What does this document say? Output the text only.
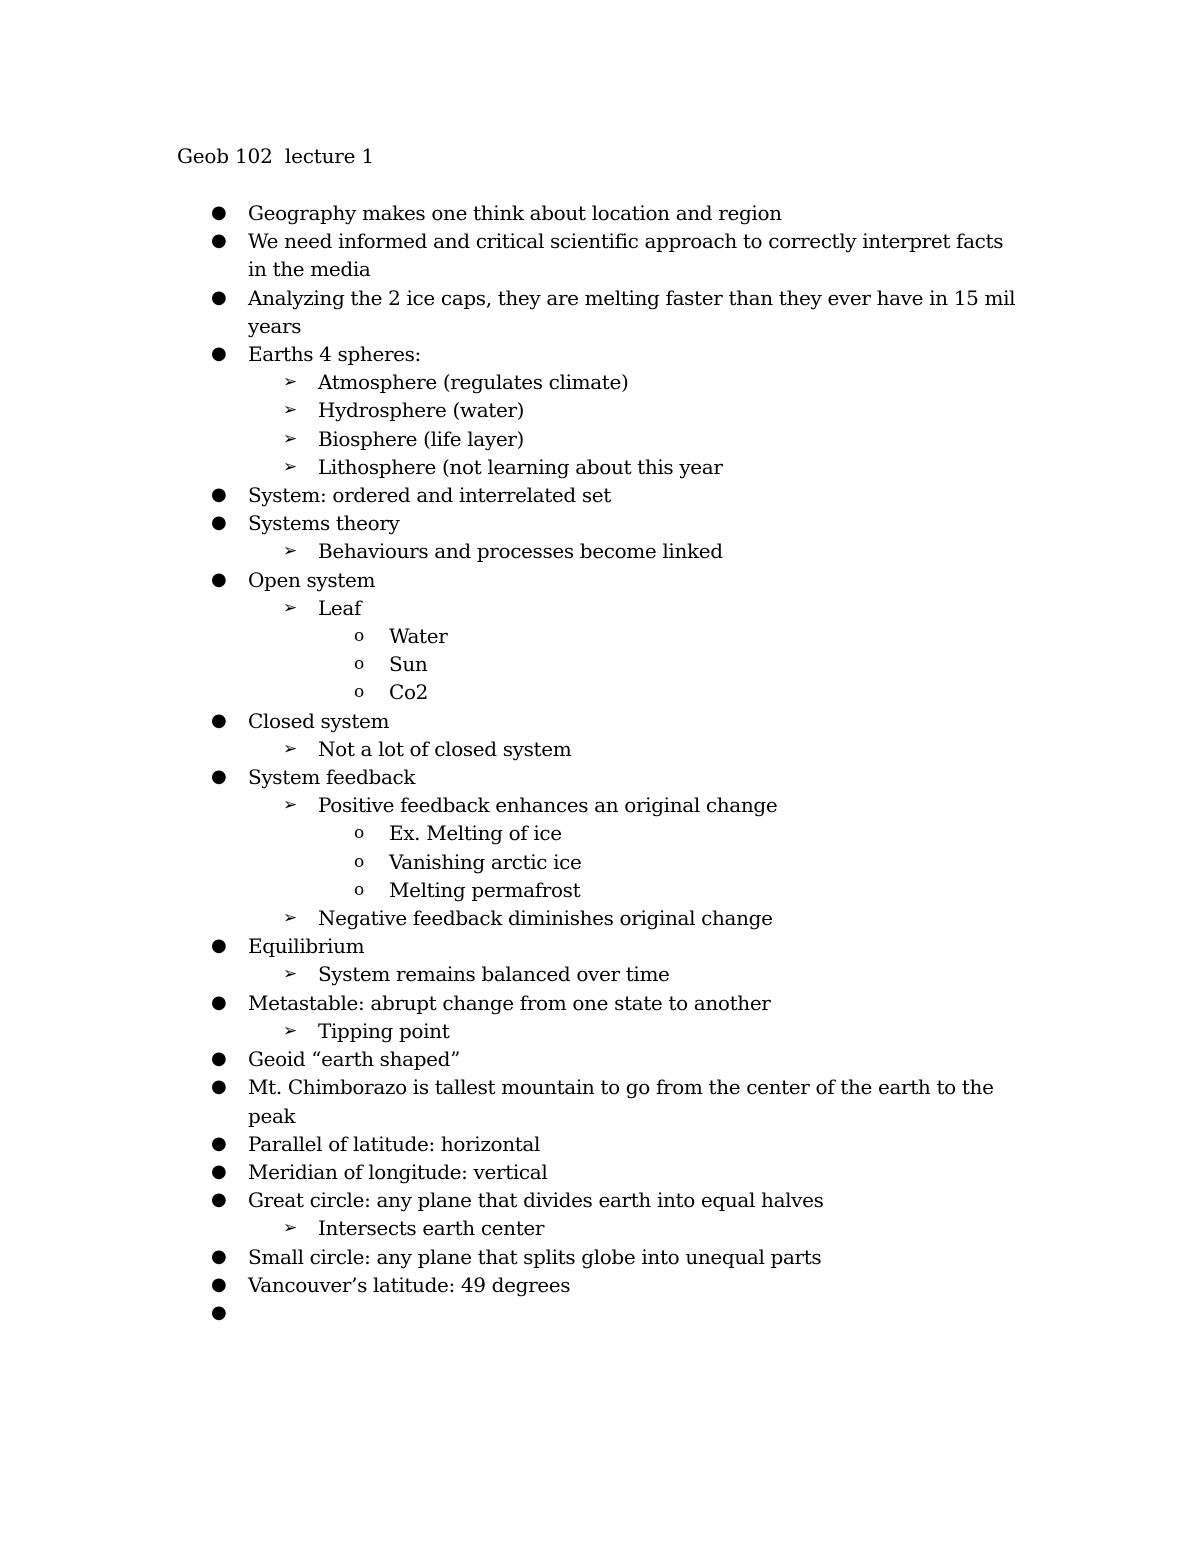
Geob 102  lecture 1
● Geography makes one think about location and region
● We need informed and critical scientific approach to correctly interpret facts
in the media
● Analyzing the 2 ice caps, they are melting faster than they ever have in 15 mil
years
● Earths 4 spheres:
➢ Atmosphere (regulates climate)
➢ Hydrosphere (water)
➢ Biosphere (life layer)
➢ Lithosphere (not learning about this year
● System: ordered and interrelated set
● Systems theory
➢ Behaviours and processes become linked
● Open system
➢ Leaf
o Water
o Sun
o Co2
● Closed system
➢ Not a lot of closed system
● System feedback
➢ Positive feedback enhances an original change
o Ex. Melting of ice
o Vanishing arctic ice
o Melting permafrost
➢ Negative feedback diminishes original change
● Equilibrium
➢ System remains balanced over time
● Metastable: abrupt change from one state to another
➢ Tipping point
● Geoid “earth shaped”
● Mt. Chimborazo is tallest mountain to go from the center of the earth to the
peak
● Parallel of latitude: horizontal
● Meridian of longitude: vertical
● Great circle: any plane that divides earth into equal halves
➢ Intersects earth center
● Small circle: any plane that splits globe into unequal parts
● Vancouver’s latitude: 49 degrees
●
